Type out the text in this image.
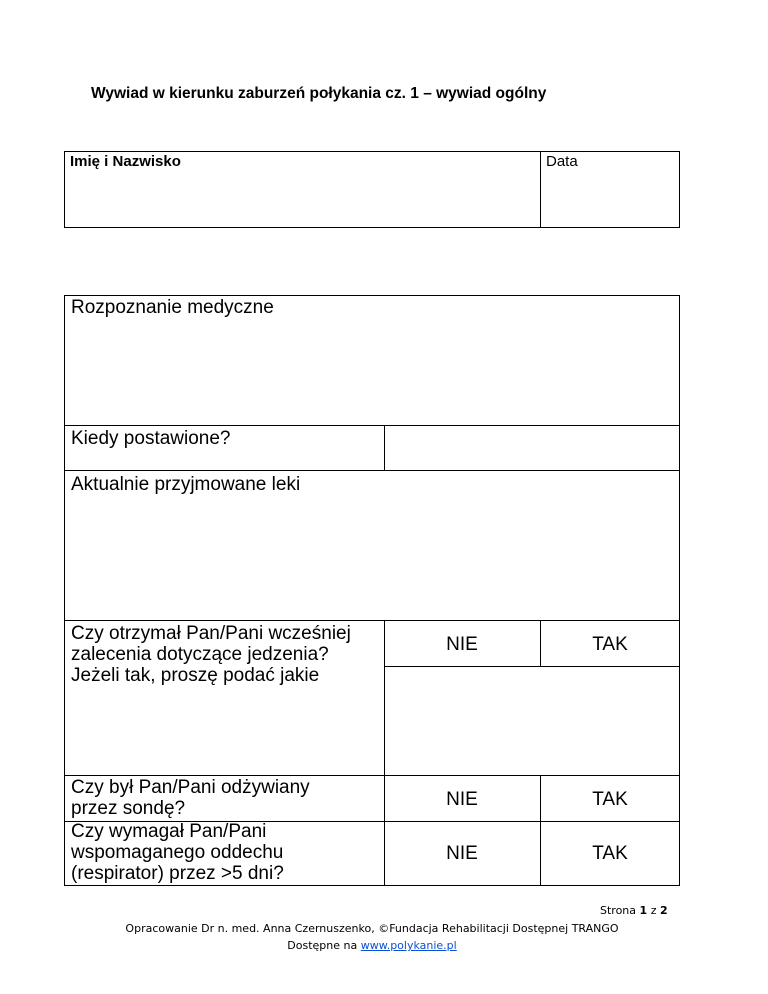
Wywiad w kierunku zaburzeń połykania cz. 1 – wywiad ogólny
Imię i Nazwisko	Data
Rozpoznanie medyczne
Kiedy postawione?
Aktualnie przyjmowane leki
Czy otrzymał Pan/Pani wcześniej
zalecenia dotyczące jedzenia?
Jeżeli tak, proszę podać jakie
NIE	TAK
Czy był Pan/Pani odżywiany
przez sondę?	NIE	TAK
Czy wymagał Pan/Pani
wspomaganego oddechu
(respirator) przez >5 dni?
NIE	TAK
Strona 1 z 2
Opracowanie Dr n. med. Anna Czernuszenko, ©Fundacja Rehabilitacji Dostępnej TRANGO
Dostępne na www.polykanie.pl
